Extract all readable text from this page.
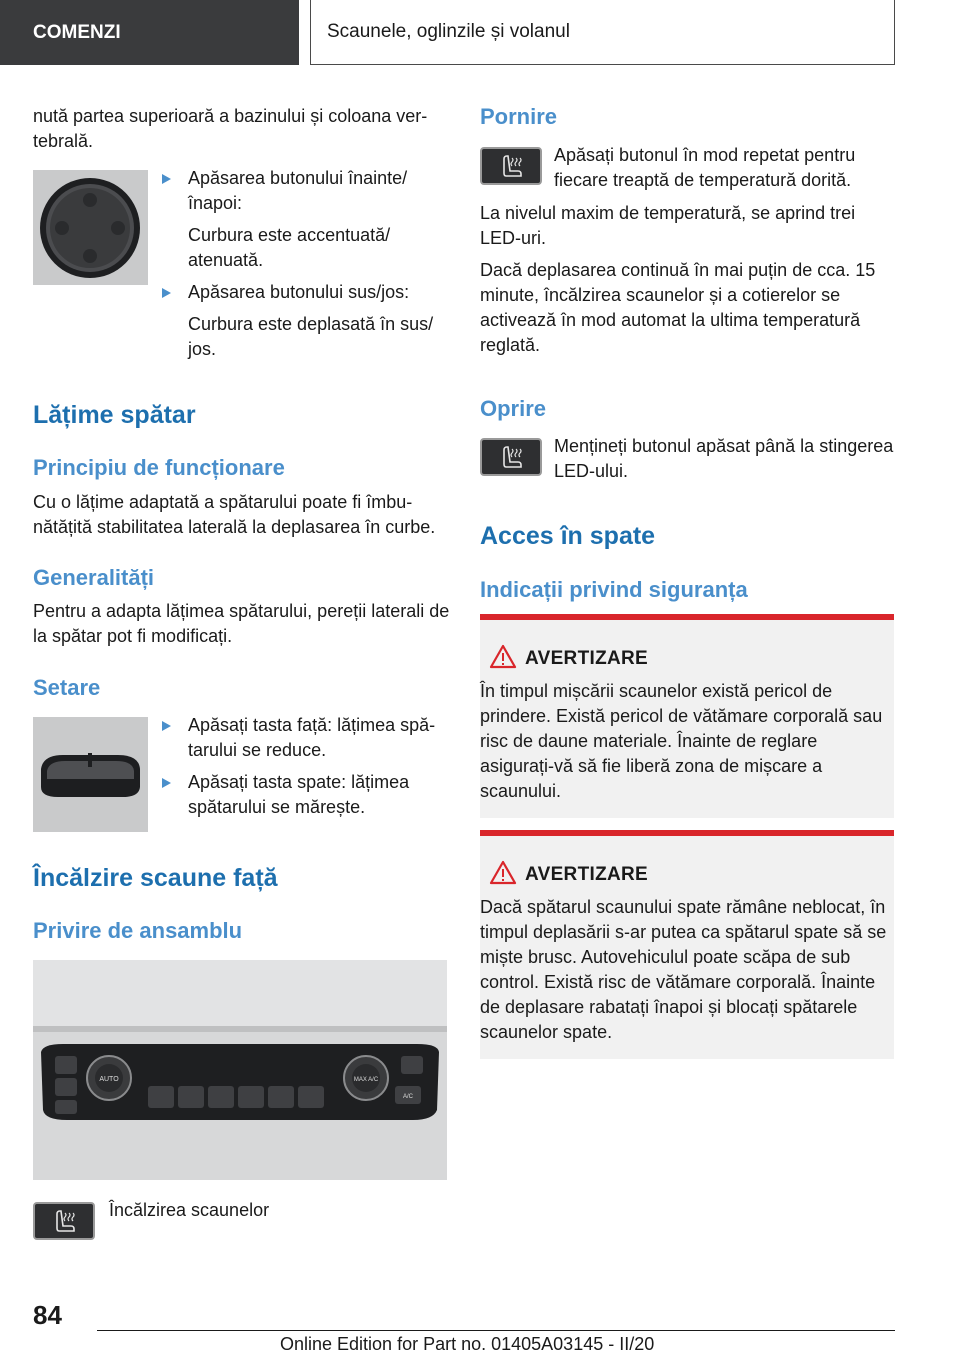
COMENZI	Scaunele, oglinzile și volanul
nută partea superioară a bazinului și coloana vertebrală.
Apăsarea butonului înainte/ înapoi:
Curbura este accentuată/ atenuată.
Apăsarea butonului sus/jos:
Curbura este deplasată în sus/ jos.
Lățime spătar
Principiu de funcționare
Cu o lățime adaptată a spătarului poate fi îmbunătățită stabilitatea laterală la deplasarea în curbe.
Generalități
Pentru a adapta lățimea spătarului, pereții laterali de la spătar pot fi modificați.
Setare
Apăsați tasta față: lățimea spătarului se reduce.
Apăsați tasta spate: lățimea spătarului se mărește.
Încălzire scaune față
Privire de ansamblu
AUTO	MAX A/C
A/C
Încălzirea scaunelor
Pornire
Apăsați butonul în mod repetat pentru fiecare treaptă de temperatură dorită.
La nivelul maxim de temperatură, se aprind trei LED-uri.
Dacă deplasarea continuă în mai puțin de cca. 15 minute, încălzirea scaunelor și a cotierelor se activează în mod automat la ultima temperatură reglată.
Oprire
Mențineți butonul apăsat până la stingerea LED-ului.
Acces în spate
Indicații privind siguranța
AVERTIZARE
În timpul mișcării scaunelor există pericol de prindere. Există pericol de vătămare corporală sau risc de daune materiale. Înainte de reglare asigurați-vă să fie liberă zona de mișcare a scaunului.
AVERTIZARE
Dacă spătarul scaunului spate rămâne neblocat, în timpul deplasării s-ar putea ca spătarul spate să se miște brusc. Autovehiculul poate scăpa de sub control. Există risc de vătămare corporală. Înainte de deplasare rabatați înapoi și blocați spătarele scaunelor spate.
84
Online Edition for Part no. 01405A03145 - II/20
